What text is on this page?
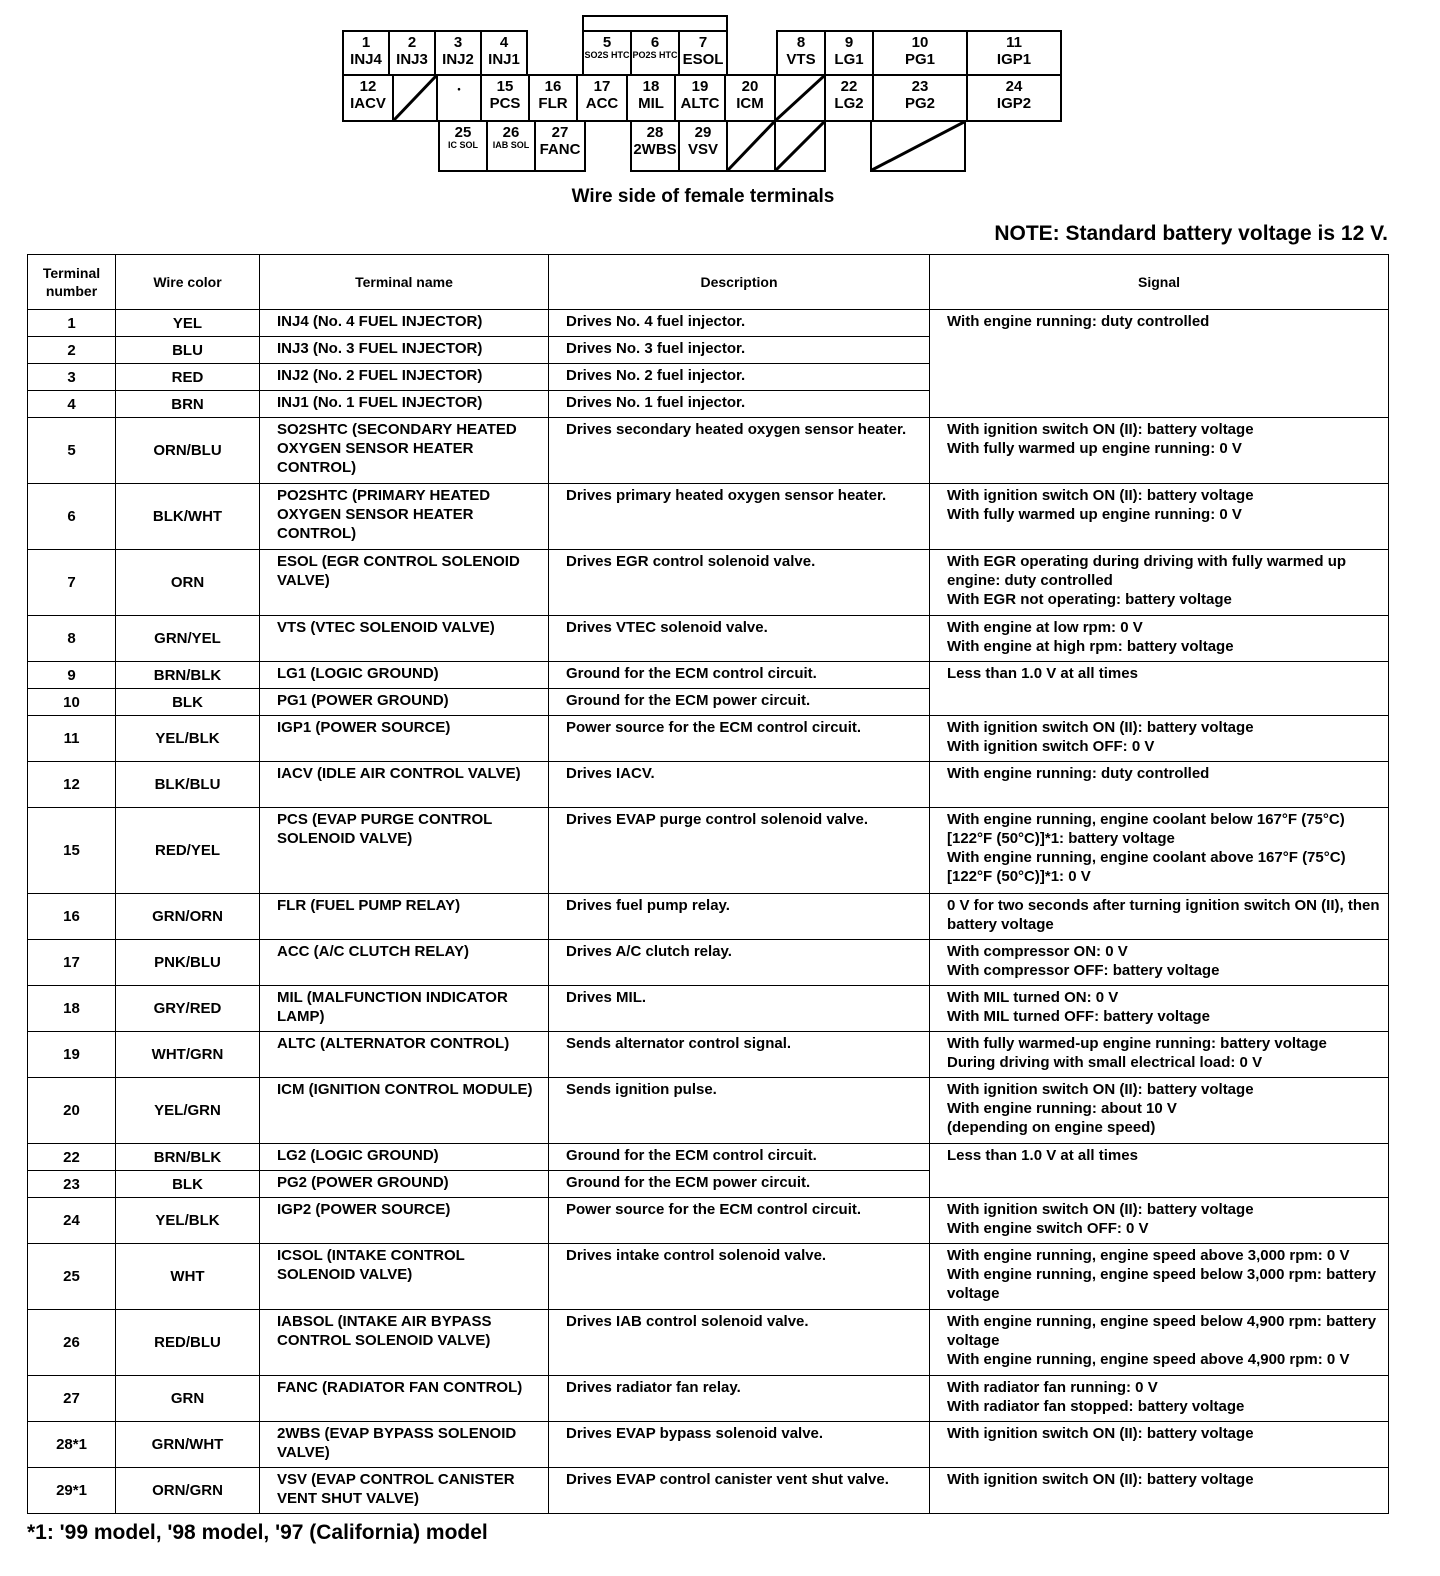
1
INJ4
2
INJ3
3
INJ2
4
INJ1
5
SO2S HTC
6
PO2S HTC
7
ESOL
8
VTS
9
LG1
10
PG1
11
IGP1
12
IACV
15
PCS
16
FLR
17
ACC
18
MIL
19
ALTC
20
ICM
22
LG2
23
PG2
24
IGP2
25
IC SOL
26
IAB SOL
27
FANC
28
2WBS
29
VSV
Wire side of female terminals
NOTE: Standard battery voltage is 12 V.
Terminal number	Wire color	Terminal name	Description	Signal
1	YEL	INJ4 (No. 4 FUEL INJECTOR)	Drives No. 4 fuel injector.	With engine running: duty controlled
2	BLU	INJ3 (No. 3 FUEL INJECTOR)	Drives No. 3 fuel injector.	
3	RED	INJ2 (No. 2 FUEL INJECTOR)	Drives No. 2 fuel injector.	
4	BRN	INJ1 (No. 1 FUEL INJECTOR)	Drives No. 1 fuel injector.	
5	ORN/BLU	SO2SHTC (SECONDARY HEATED OXYGEN SENSOR HEATER CONTROL)	Drives secondary heated oxygen sensor heater.	With ignition switch ON (II): battery voltage
With fully warmed up engine running: 0 V
6	BLK/WHT	PO2SHTC (PRIMARY HEATED OXYGEN SENSOR HEATER CONTROL)	Drives primary heated oxygen sensor heater.	With ignition switch ON (II): battery voltage
With fully warmed up engine running: 0 V
7	ORN	ESOL (EGR CONTROL SOLENOID VALVE)	Drives EGR control solenoid valve.	With EGR operating during driving with fully warmed up engine: duty controlled
With EGR not operating: battery voltage
8	GRN/YEL	VTS (VTEC SOLENOID VALVE)	Drives VTEC solenoid valve.	With engine at low rpm: 0 V
With engine at high rpm: battery voltage
9	BRN/BLK	LG1 (LOGIC GROUND)	Ground for the ECM control circuit.	Less than 1.0 V at all times
10	BLK	PG1 (POWER GROUND)	Ground for the ECM power circuit.	
11	YEL/BLK	IGP1 (POWER SOURCE)	Power source for the ECM control circuit.	With ignition switch ON (II): battery voltage
With ignition switch OFF: 0 V
12	BLK/BLU	IACV (IDLE AIR CONTROL VALVE)	Drives IACV.	With engine running: duty controlled
15	RED/YEL	PCS (EVAP PURGE CONTROL SOLENOID VALVE)	Drives EVAP purge control solenoid valve.	With engine running, engine coolant below 167°F (75°C) [122°F (50°C)]*1: battery voltage
With engine running, engine coolant above 167°F (75°C) [122°F (50°C)]*1: 0 V
16	GRN/ORN	FLR (FUEL PUMP RELAY)	Drives fuel pump relay.	0 V for two seconds after turning ignition switch ON (II), then battery voltage
17	PNK/BLU	ACC (A/C CLUTCH RELAY)	Drives A/C clutch relay.	With compressor ON: 0 V
With compressor OFF: battery voltage
18	GRY/RED	MIL (MALFUNCTION INDICATOR LAMP)	Drives MIL.	With MIL turned ON: 0 V
With MIL turned OFF: battery voltage
19	WHT/GRN	ALTC (ALTERNATOR CONTROL)	Sends alternator control signal.	With fully warmed-up engine running: battery voltage
During driving with small electrical load: 0 V
20	YEL/GRN	ICM (IGNITION CONTROL MODULE)	Sends ignition pulse.	With ignition switch ON (II): battery voltage
With engine running: about 10 V
(depending on engine speed)
22	BRN/BLK	LG2 (LOGIC GROUND)	Ground for the ECM control circuit.	Less than 1.0 V at all times
23	BLK	PG2 (POWER GROUND)	Ground for the ECM power circuit.	
24	YEL/BLK	IGP2 (POWER SOURCE)	Power source for the ECM control circuit.	With ignition switch ON (II): battery voltage
With engine switch OFF: 0 V
25	WHT	ICSOL (INTAKE CONTROL SOLENOID VALVE)	Drives intake control solenoid valve.	With engine running, engine speed above 3,000 rpm: 0 V
With engine running, engine speed below 3,000 rpm: battery voltage
26	RED/BLU	IABSOL (INTAKE AIR BYPASS CONTROL SOLENOID VALVE)	Drives IAB control solenoid valve.	With engine running, engine speed below 4,900 rpm: battery voltage
With engine running, engine speed above 4,900 rpm: 0 V
27	GRN	FANC (RADIATOR FAN CONTROL)	Drives radiator fan relay.	With radiator fan running: 0 V
With radiator fan stopped: battery voltage
28*1	GRN/WHT	2WBS (EVAP BYPASS SOLENOID VALVE)	Drives EVAP bypass solenoid valve.	With ignition switch ON (II): battery voltage
29*1	ORN/GRN	VSV (EVAP CONTROL CANISTER VENT SHUT VALVE)	Drives EVAP control canister vent shut valve.	With ignition switch ON (II): battery voltage
*1: '99 model, '98 model, '97 (California) model
